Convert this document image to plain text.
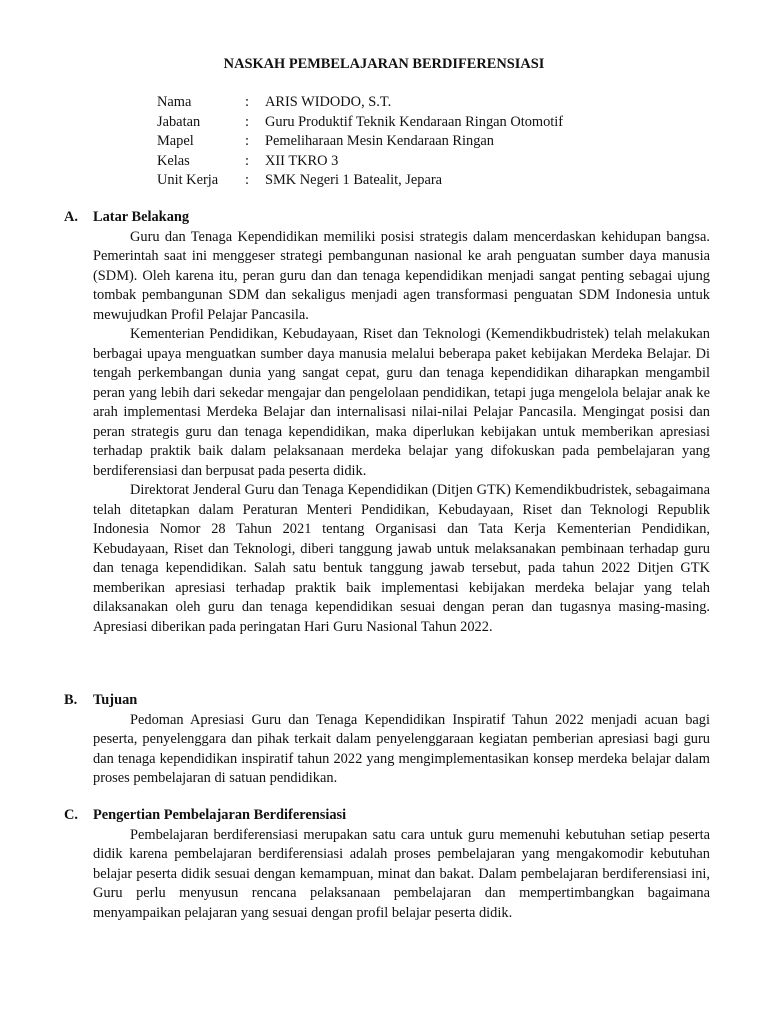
NASKAH PEMBELAJARAN BERDIFERENSIASI
Nama	: ARIS WIDODO, S.T.
Jabatan	: Guru Produktif Teknik Kendaraan Ringan Otomotif
Mapel	: Pemeliharaan Mesin Kendaraan Ringan
Kelas	: XII TKRO 3
Unit Kerja : SMK Negeri 1 Batealit, Jepara
A. Latar Belakang

Guru dan Tenaga Kependidikan memiliki posisi strategis dalam mencerdaskan kehidupan bangsa. Pemerintah saat ini menggeser strategi pembangunan nasional ke arah penguatan sumber daya manusia (SDM). Oleh karena itu, peran guru dan dan tenaga kependidikan menjadi sangat penting sebagai ujung tombak pembangunan SDM dan sekaligus menjadi agen transformasi penguatan SDM Indonesia untuk mewujudkan Profil Pelajar Pancasila.

Kementerian Pendidikan, Kebudayaan, Riset dan Teknologi (Kemendikbudristek) telah melakukan berbagai upaya menguatkan sumber daya manusia melalui beberapa paket kebijakan Merdeka Belajar. Di tengah perkembangan dunia yang sangat cepat, guru dan tenaga kependidikan diharapkan mengambil peran yang lebih dari sekedar mengajar dan pengelolaan pendidikan, tetapi juga mengelola belajar anak ke arah implementasi Merdeka Belajar dan internalisasi nilai-nilai Pelajar Pancasila. Mengingat posisi dan peran strategis guru dan tenaga kependidikan, maka diperlukan kebijakan untuk memberikan apresiasi terhadap praktik baik dalam pelaksanaan merdeka belajar yang difokuskan pada pembelajaran yang berdiferensiasi dan berpusat pada peserta didik.

Direktorat Jenderal Guru dan Tenaga Kependidikan (Ditjen GTK) Kemendikbudristek, sebagaimana telah ditetapkan dalam Peraturan Menteri Pendidikan, Kebudayaan, Riset dan Teknologi Republik Indonesia Nomor 28 Tahun 2021 tentang Organisasi dan Tata Kerja Kementerian Pendidikan, Kebudayaan, Riset dan Teknologi, diberi tanggung jawab untuk melaksanakan pembinaan terhadap guru dan tenaga kependidikan. Salah satu bentuk tanggung jawab tersebut, pada tahun 2022 Ditjen GTK memberikan apresiasi terhadap praktik baik implementasi kebijakan merdeka belajar yang telah dilaksanakan oleh guru dan tenaga kependidikan sesuai dengan peran dan tugasnya masing-masing. Apresiasi diberikan pada peringatan Hari Guru Nasional Tahun 2022.

B. Tujuan

Pedoman Apresiasi Guru dan Tenaga Kependidikan Inspiratif Tahun 2022 menjadi acuan bagi peserta, penyelenggara dan pihak terkait dalam penyelenggaraan kegiatan pemberian apresiasi bagi guru dan tenaga kependidikan inspiratif tahun 2022 yang mengimplementasikan konsep merdeka belajar dalam proses pembelajaran di satuan pendidikan.

C. Pengertian Pembelajaran Berdiferensiasi

Pembelajaran berdiferensiasi merupakan satu cara untuk guru memenuhi kebutuhan setiap peserta didik karena pembelajaran berdiferensiasi adalah proses pembelajaran yang mengakomodir kebutuhan belajar peserta didik sesuai dengan kemampuan, minat dan bakat. Dalam pembelajaran berdiferensiasi ini, Guru perlu menyusun rencana pelaksanaan pembelajaran dan mempertimbangkan bagaimana menyampaikan pelajaran yang sesuai dengan profil belajar peserta didik.
